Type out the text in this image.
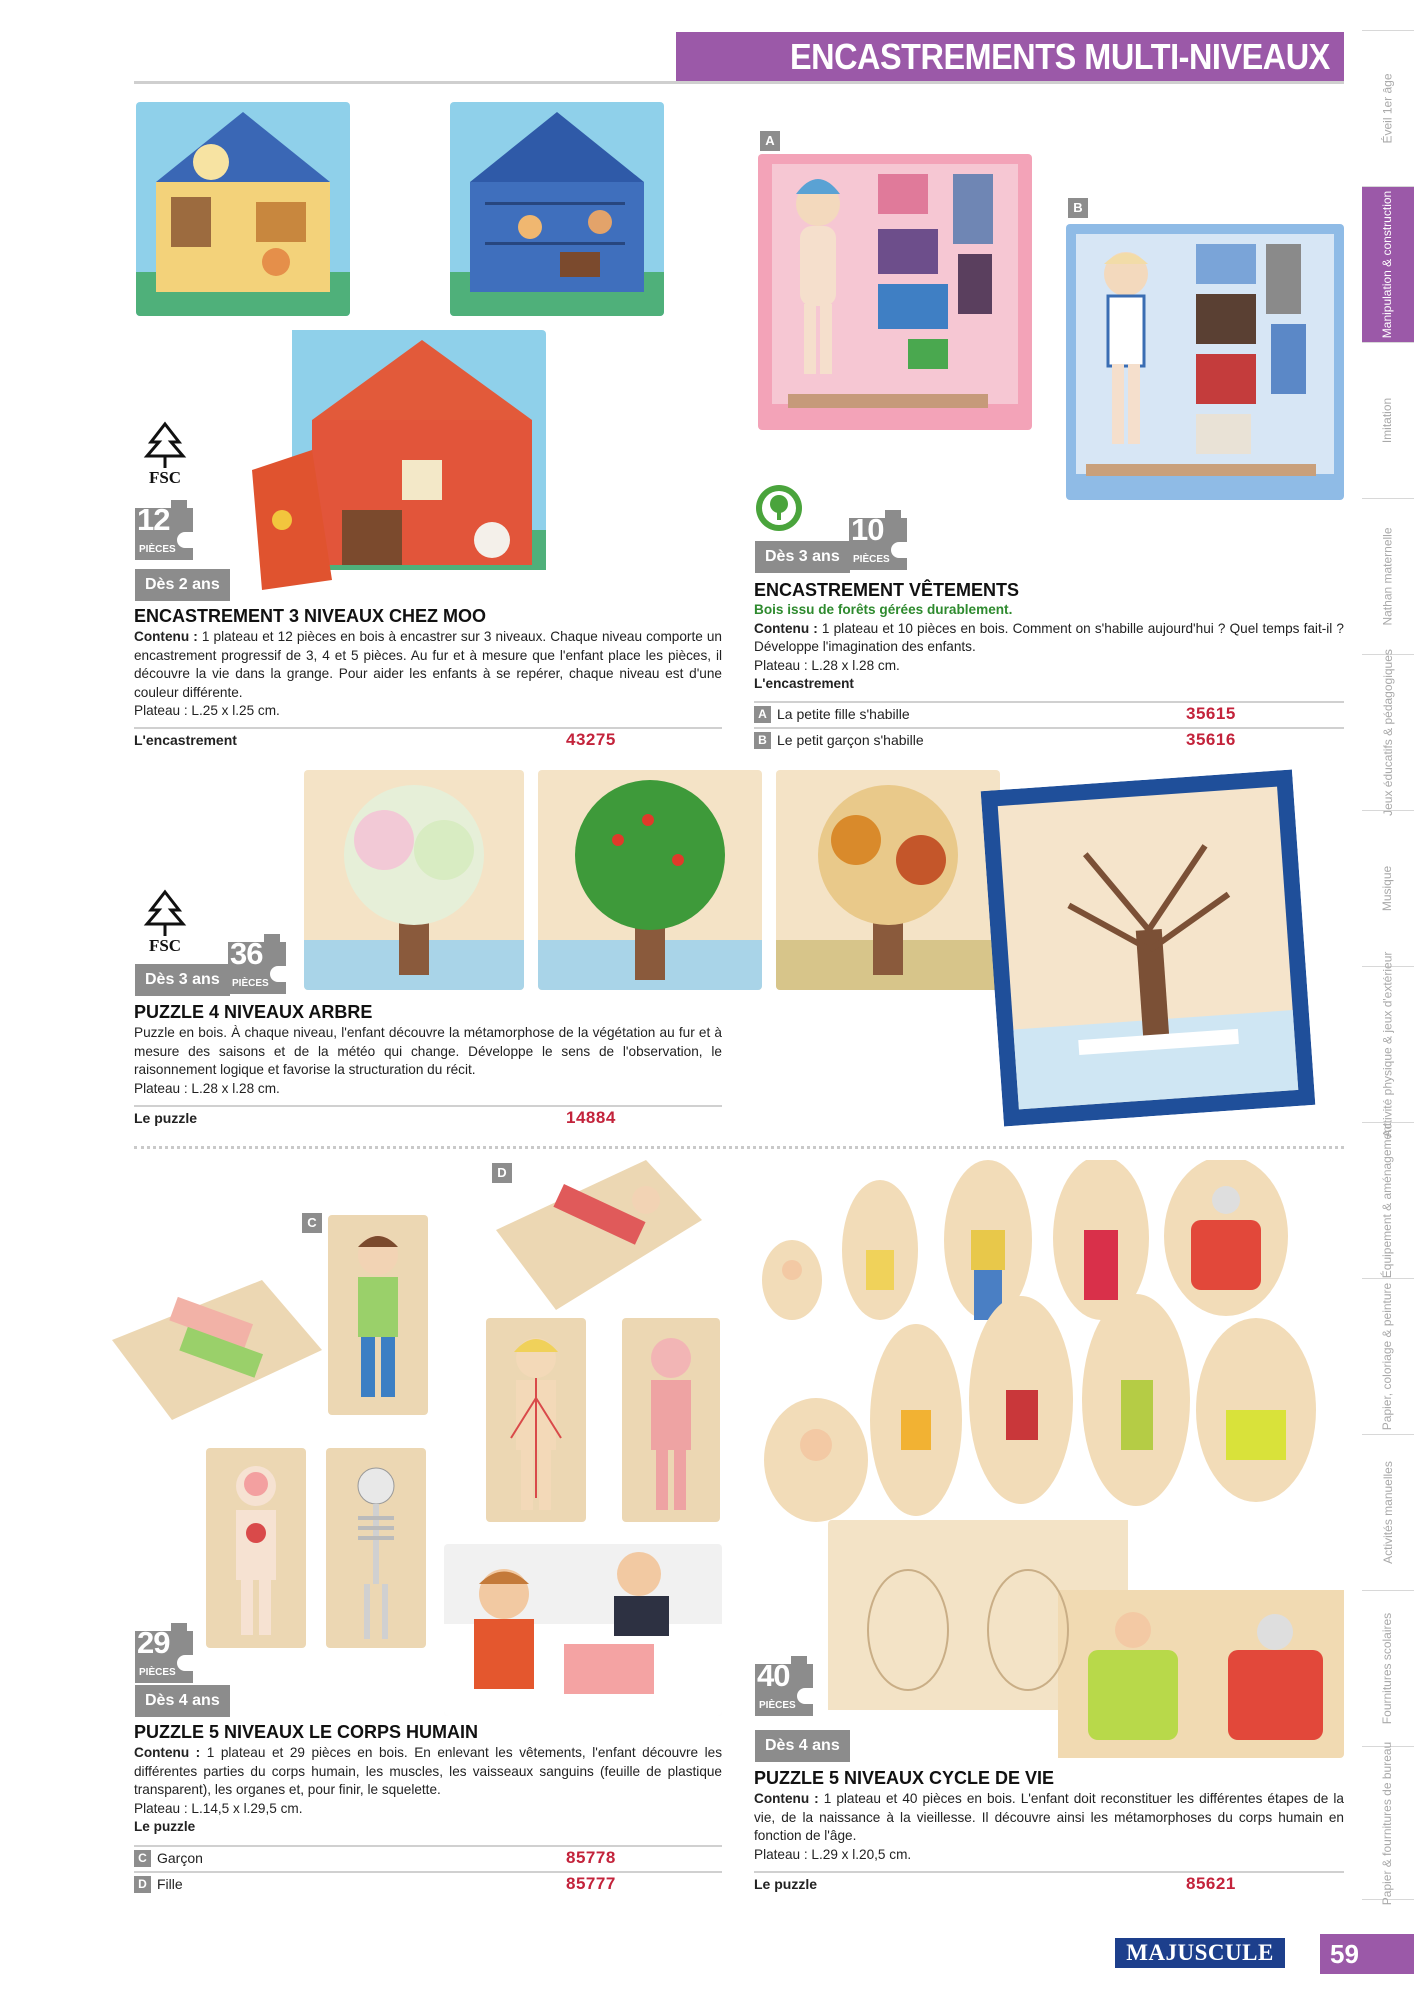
ENCASTREMENTS MULTI-NIVEAUX
Éveil 1er âge
Manipulation & construction
Imitation
Nathan maternelle
Jeux éducatifs & pédagogiques
Musique
Activité physique & jeux d'extérieur
Équipement & aménagement
Papier, coloriage & peinture
Activités manuelles
Fournitures scolaires
Papier & fournitures de bureau
FSC
12
PIÈCES
Dès 2 ans
ENCASTREMENT 3 NIVEAUX CHEZ MOO
Contenu : 1 plateau et 12 pièces en bois à encastrer sur 3 niveaux. Chaque niveau comporte un encastrement progressif de 3, 4 et 5 pièces. Au fur et à mesure que l'enfant place les pièces, il découvre la vie dans la grange. Pour aider les enfants à se repérer, chaque niveau est d'une couleur différente.
Plateau : L.25 x l.25 cm.
L'encastrement	43275
A
B
Dès 3 ans
10
PIÈCES
ENCASTREMENT VÊTEMENTS
Bois issu de forêts gérées durablement.
Contenu : 1 plateau et 10 pièces en bois. Comment on s'habille aujourd'hui ? Quel temps fait-il ? Développe l'imagination des enfants.
Plateau : L.28 x l.28 cm.
L'encastrement
A La petite fille s'habille	35615
B Le petit garçon s'habille	35616
FSC
Dès 3 ans
36
PIÈCES
PUZZLE 4 NIVEAUX ARBRE
Puzzle en bois. À chaque niveau, l'enfant découvre la métamorphose de la végétation au fur et à mesure des saisons et de la météo qui change. Développe le sens de l'observation, le raisonnement logique et favorise la structuration du récit.
Plateau : L.28 x l.28 cm.
Le puzzle	14884
C
D
29
PIÈCES
Dès 4 ans
PUZZLE 5 NIVEAUX LE CORPS HUMAIN
Contenu : 1 plateau et 29 pièces en bois. En enlevant les vêtements, l'enfant découvre les différentes parties du corps humain, les muscles, les vaisseaux sanguins (feuille de plastique transparent), les organes et, pour finir, le squelette.
Plateau : L.14,5 x l.29,5 cm.
Le puzzle
C Garçon	85778
D Fille	85777
40
PIÈCES
Dès 4 ans
PUZZLE 5 NIVEAUX CYCLE DE VIE
Contenu : 1 plateau et 40 pièces en bois. L'enfant doit reconstituer les différentes étapes de la vie, de la naissance à la vieillesse. Il découvre ainsi les métamorphoses du corps humain en fonction de l'âge.
Plateau : L.29 x l.20,5 cm.
Le puzzle	85621
MAJUSCULE	59
